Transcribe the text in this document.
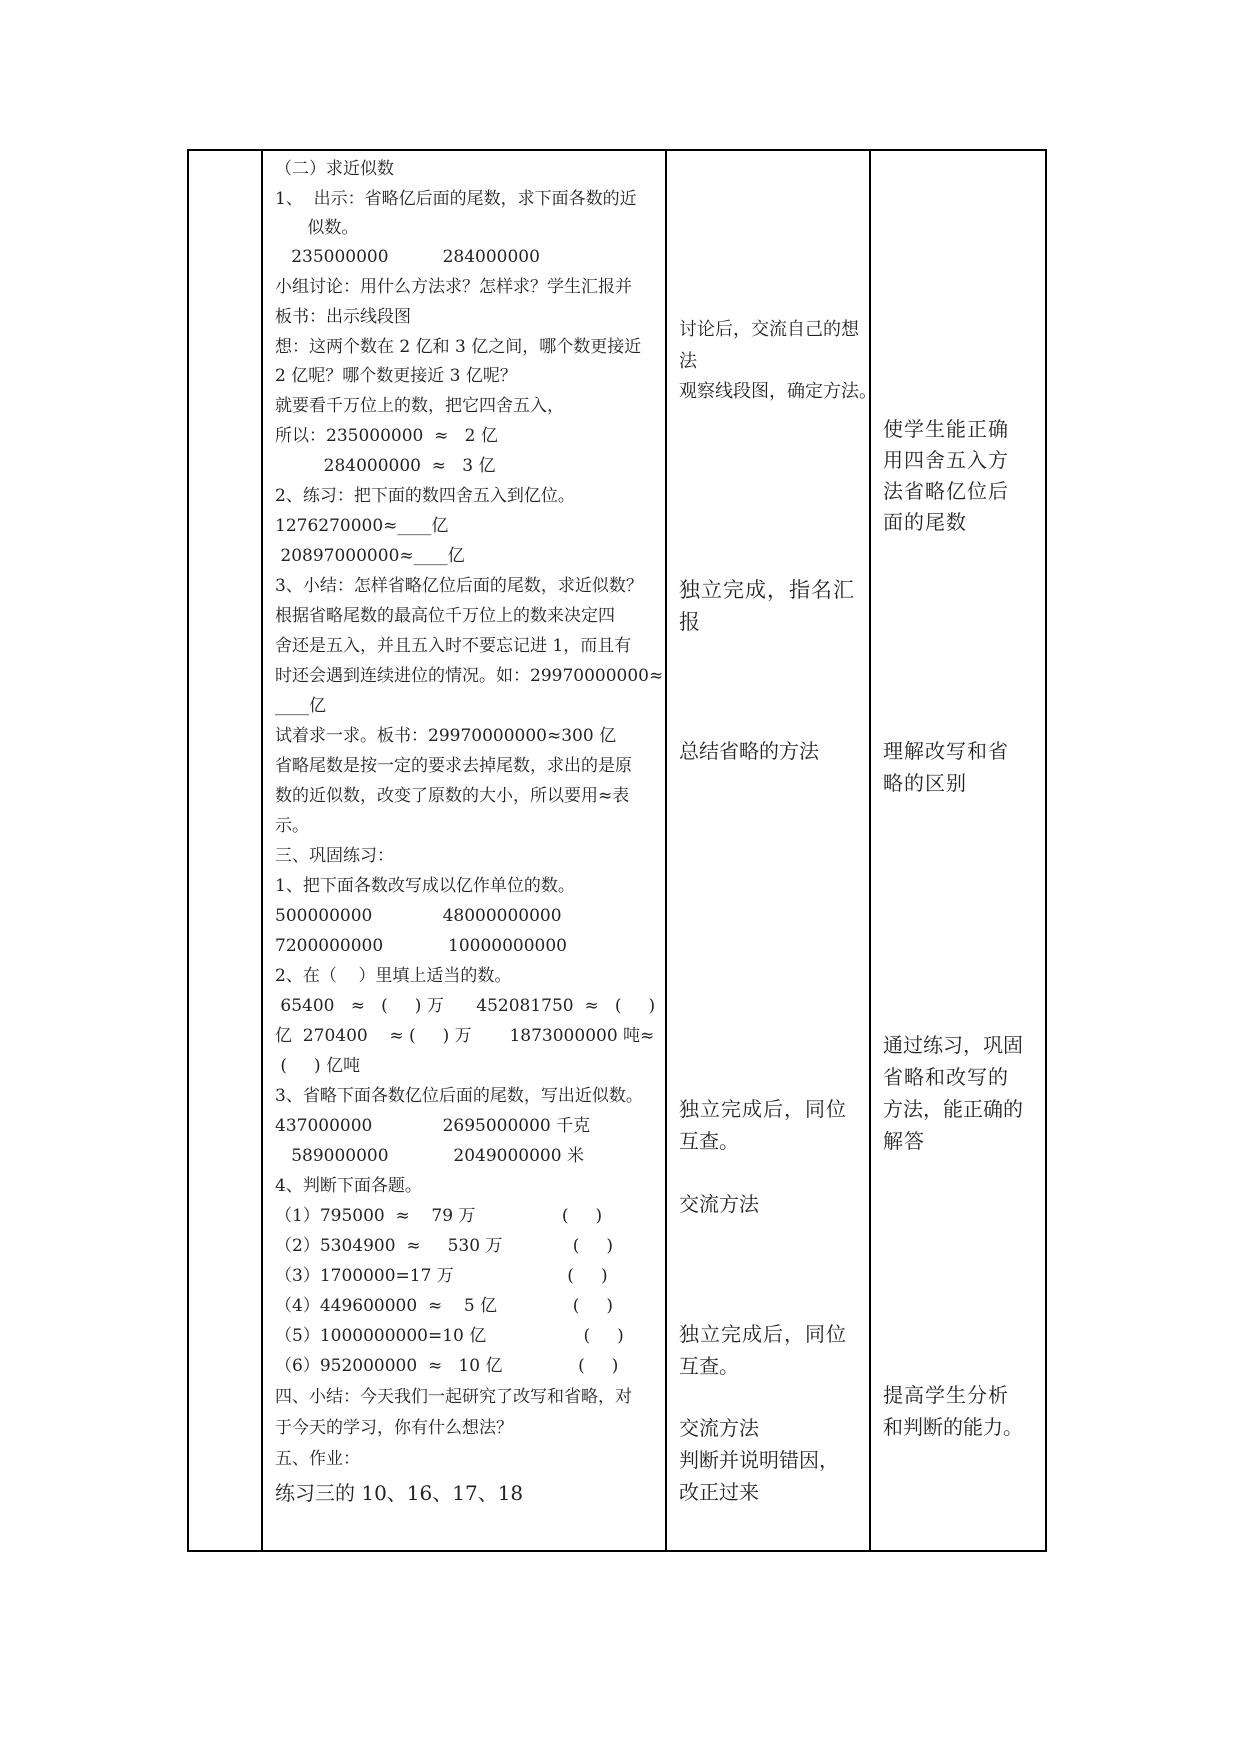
（二）求近似数
1、  出示：省略亿后面的尾数，求下面各数的近
似数。
235000000          284000000
小组讨论：用什么方法求？怎样求？学生汇报并
板书：出示线段图
想：这两个数在 2 亿和 3 亿之间，哪个数更接近
2 亿呢？哪个数更接近 3 亿呢？
就要看千万位上的数，把它四舍五入，
所以：235000000  ≈   2 亿
284000000  ≈   3 亿
2、练习：把下面的数四舍五入到亿位。
1276270000≈____亿
20897000000≈____亿
3、小结：怎样省略亿位后面的尾数，求近似数？
根据省略尾数的最高位千万位上的数来决定四
舍还是五入，并且五入时不要忘记进 1，而且有
时还会遇到连续进位的情况。如：29970000000≈
____亿
试着求一求。板书：29970000000≈300 亿
省略尾数是按一定的要求去掉尾数，求出的是原
数的近似数，改变了原数的大小，所以要用≈表
示。
三、巩固练习：
1、把下面各数改写成以亿作单位的数。
500000000             48000000000
7200000000            10000000000
2、在（    ）里填上适当的数。
65400   ≈   (     ) 万      452081750  ≈   (     )
亿  270400    ≈ (     ) 万       1873000000 吨≈
(     ) 亿吨
3、省略下面各数亿位后面的尾数，写出近似数。
437000000             2695000000 千克
589000000            2049000000 米
4、判断下面各题。
（1）795000  ≈    79 万                (     )
（2）5304900  ≈     530 万             (     )
（3）1700000=17 万                     (     )
（4）449600000  ≈    5 亿              (     )
（5）1000000000=10 亿                  (     )
（6）952000000  ≈   10 亿              (     )
四、小结：今天我们一起研究了改写和省略，对
于今天的学习，你有什么想法？
五、作业：
练习三的 10、16、17、18
讨论后，交流自己的想
法
观察线段图，确定方法。
独立完成，指名汇
报
总结省略的方法
独立完成后，同位
互查。
交流方法
独立完成后，同位
互查。
交流方法
判断并说明错因，
改正过来
使学生能正确
用四舍五入方
法省略亿位后
面的尾数
理解改写和省
略的区别
通过练习，巩固
省略和改写的
方法，能正确的
解答
提高学生分析
和判断的能力。
